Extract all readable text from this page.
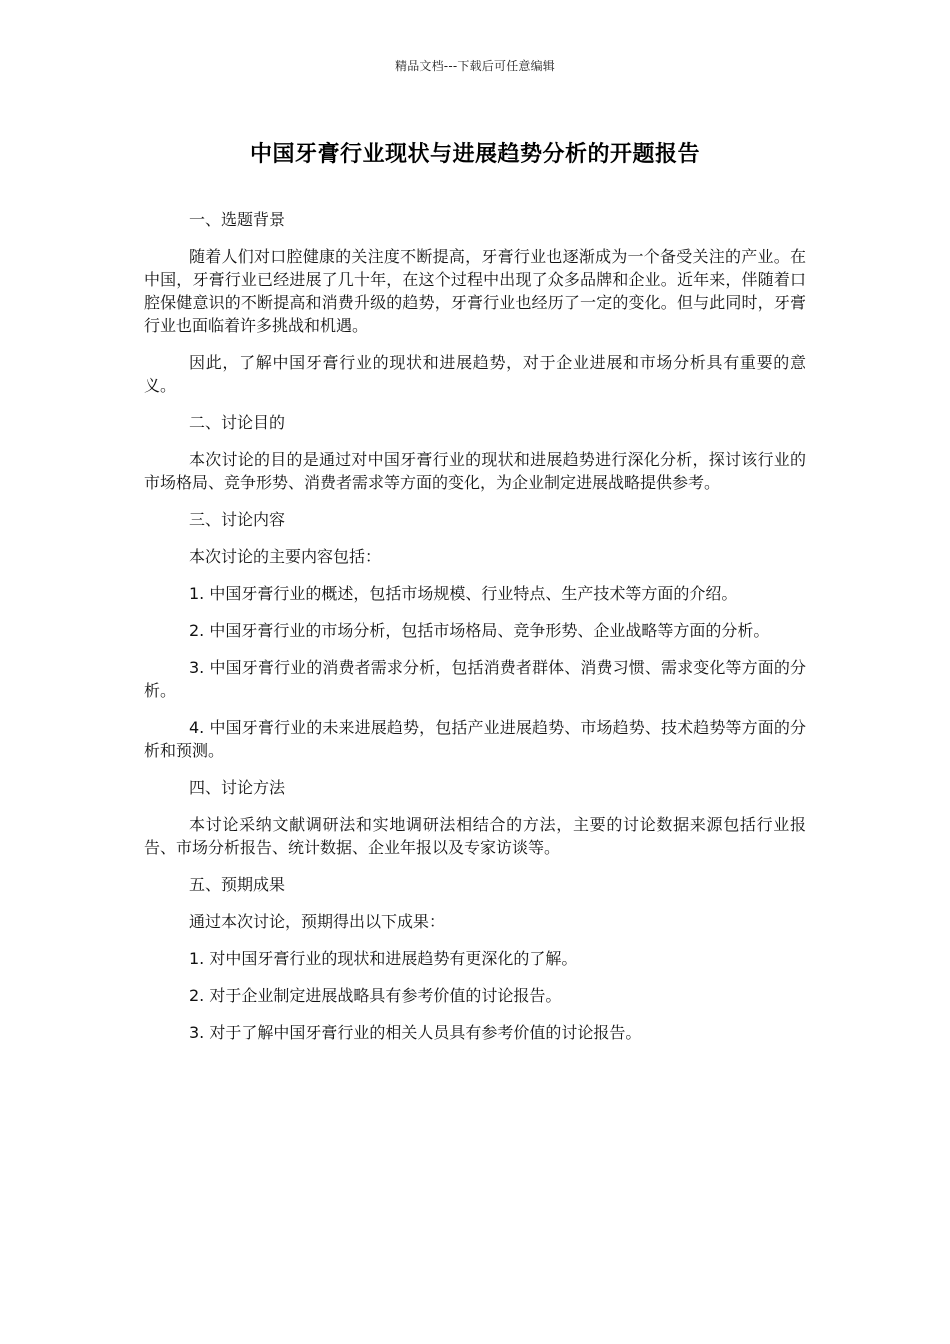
精品文档---下载后可任意编辑
中国牙膏行业现状与进展趋势分析的开题报告

一、选题背景

随着人们对口腔健康的关注度不断提高，牙膏行业也逐渐成为一个备受关注的产业。在中国，牙膏行业已经进展了几十年，在这个过程中出现了众多品牌和企业。近年来，伴随着口腔保健意识的不断提高和消费升级的趋势，牙膏行业也经历了一定的变化。但与此同时，牙膏行业也面临着许多挑战和机遇。

因此，了解中国牙膏行业的现状和进展趋势，对于企业进展和市场分析具有重要的意义。

二、讨论目的

本次讨论的目的是通过对中国牙膏行业的现状和进展趋势进行深化分析，探讨该行业的市场格局、竞争形势、消费者需求等方面的变化，为企业制定进展战略提供参考。

三、讨论内容

本次讨论的主要内容包括：

1. 中国牙膏行业的概述，包括市场规模、行业特点、生产技术等方面的介绍。

2. 中国牙膏行业的市场分析，包括市场格局、竞争形势、企业战略等方面的分析。

3. 中国牙膏行业的消费者需求分析，包括消费者群体、消费习惯、需求变化等方面的分析。

4. 中国牙膏行业的未来进展趋势，包括产业进展趋势、市场趋势、技术趋势等方面的分析和预测。

四、讨论方法

本讨论采纳文献调研法和实地调研法相结合的方法，主要的讨论数据来源包括行业报告、市场分析报告、统计数据、企业年报以及专家访谈等。

五、预期成果

通过本次讨论，预期得出以下成果：

1. 对中国牙膏行业的现状和进展趋势有更深化的了解。

2. 对于企业制定进展战略具有参考价值的讨论报告。

3. 对于了解中国牙膏行业的相关人员具有参考价值的讨论报告。
